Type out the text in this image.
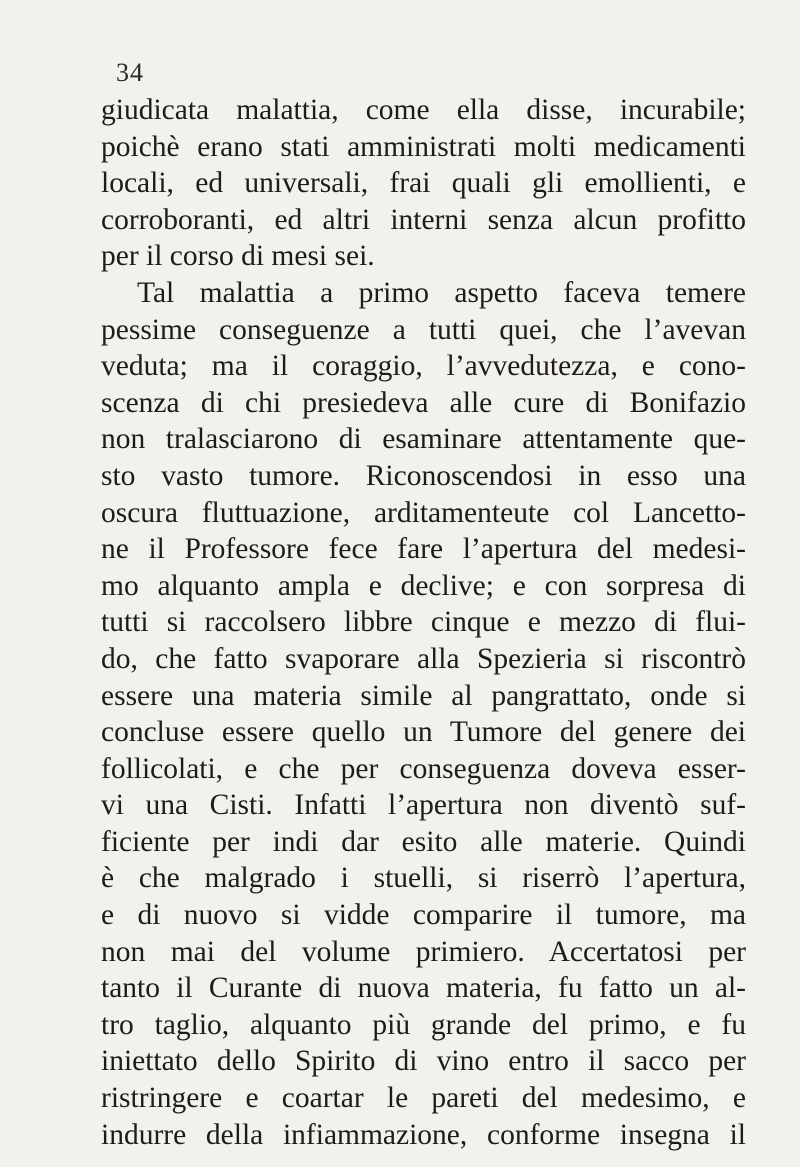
34
giudicata malattia, come ella disse, incurabile;
poichè erano stati amministrati molti medicamenti
locali, ed universali, frai quali gli emollienti, e
corroboranti, ed altri interni senza alcun profitto
per il corso di mesi sei.
Tal malattia a primo aspetto faceva temere
pessime conseguenze a tutti quei, che l’avevan
veduta; ma il coraggio, l’avvedutezza, e cono-
scenza di chi presiedeva alle cure di Bonifazio
non tralasciarono di esaminare attentamente que-
sto vasto tumore. Riconoscendosi in esso una
oscura fluttuazione, arditamenteute col Lancetto-
ne il Professore fece fare l’apertura del medesi-
mo alquanto ampla e declive; e con sorpresa di
tutti si raccolsero libbre cinque e mezzo di flui-
do, che fatto svaporare alla Spezieria si riscontrò
essere una materia simile al pangrattato, onde si
concluse essere quello un Tumore del genere dei
follicolati, e che per conseguenza doveva esser-
vi una Cisti. Infatti l’apertura non diventò suf-
ficiente per indi dar esito alle materie. Quindi
è che malgrado i stuelli, si riserrò l’apertura,
e di nuovo si vidde comparire il tumore, ma
non mai del volume primiero. Accertatosi per
tanto il Curante di nuova materia, fu fatto un al-
tro taglio, alquanto più grande del primo, e fu
iniettato dello Spirito di vino entro il sacco per
ristringere e coartar le pareti del medesimo, e
indurre della infiammazione, conforme insegna il
